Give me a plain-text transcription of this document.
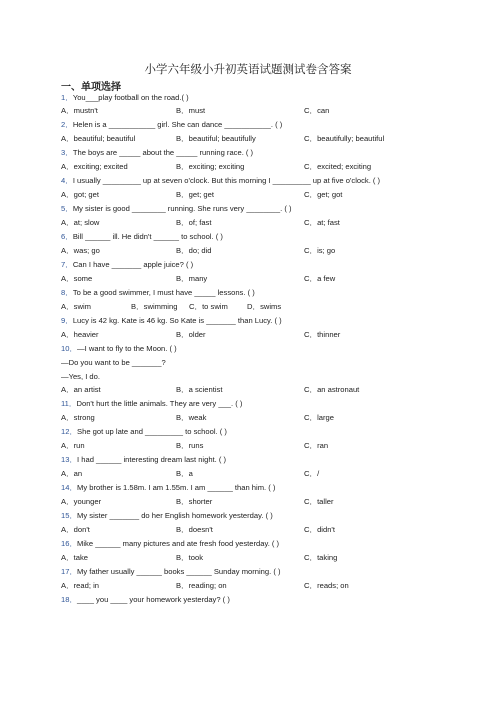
小学六年级小升初英语试题测试卷含答案
一、单项选择
1．You___play football on the road.( )
A．mustn't	B．must	C．can
2．Helen is a ___________ girl. She can dance ___________. ( )
A．beautiful; beautiful	B．beautiful; beautifully	C．beautifully; beautiful
3．The boys are _____ about the _____ running race. ( )
A．exciting; excited	B．exciting; exciting	C．excited; exciting
4．I usually _________ up at seven o'clock. But this morning I _________ up at five o'clock. ( )
A．got; get	B．get; get	C．get; got
5．My sister is good ________ running. She runs very ________. ( )
A．at; slow	B．of; fast	C．at; fast
6．Bill ______ ill. He didn't ______ to school. ( )
A．was; go	B．do; did	C．is; go
7．Can I have _______ apple juice? ( )
A．some	B．many	C．a few
8．To be a good swimmer, I must have _____ lessons. ( )
A．swim	B．swimming C．to swim	D．swims
9．Lucy is 42 kg. Kate is 46 kg. So Kate is _______ than Lucy. ( )
A．heavier	B．older	C．thinner
10．—I want to fly to the Moon. ( )
—Do you want to be _______?
—Yes, I do.
A．an artist	B．a scientist	C．an astronaut
11．Don't hurt the little animals. They are very ___. ( )
A．strong	B．weak	C．large
12．She got up late and _________ to school. ( )
A．run	B．runs	C．ran
13．I had ______ interesting dream last night. ( )
A．an	B．a	C．/
14．My brother is 1.58m. I am 1.55m. I am ______ than him. ( )
A．younger	B．shorter	C．taller
15．My sister _______ do her English homework yesterday. ( )
A．don't	B．doesn't	C．didn't
16．Mike ______ many pictures and ate fresh food yesterday. ( )
A．take	B．took	C．taking
17．My father usually ______ books ______ Sunday morning. ( )
A．read; in	B．reading; on	C．reads; on
18．____ you ____ your homework yesterday? ( )
